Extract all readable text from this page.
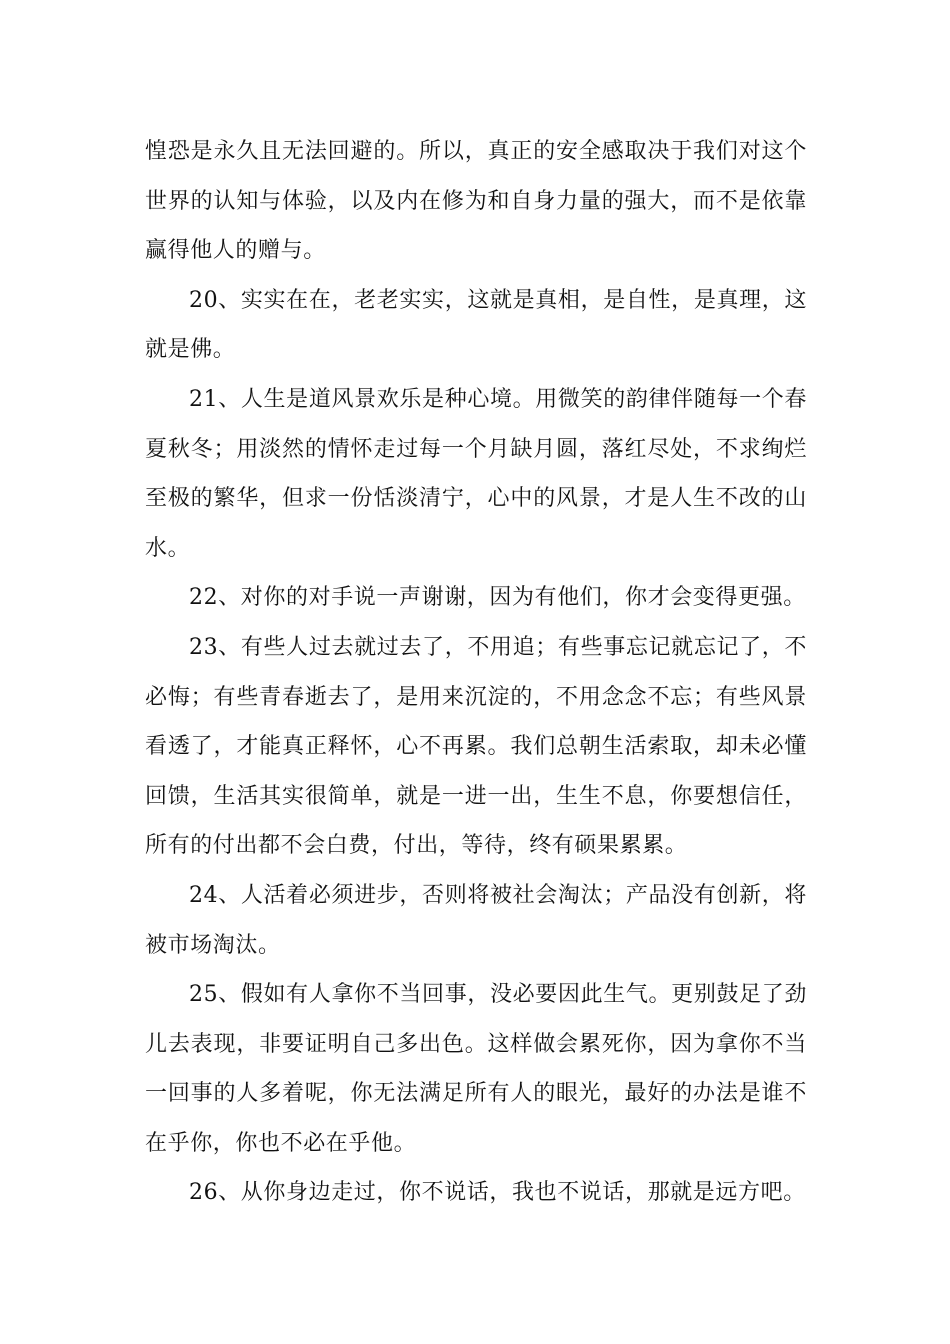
惶恐是永久且无法回避的。所以，真正的安全感取决于我们对这个世界的认知与体验，以及内在修为和自身力量的强大，而不是依靠赢得他人的赠与。

20、实实在在，老老实实，这就是真相，是自性，是真理，这就是佛。

21、人生是道风景欢乐是种心境。用微笑的韵律伴随每一个春夏秋冬；用淡然的情怀走过每一个月缺月圆，落红尽处，不求绚烂至极的繁华，但求一份恬淡清宁，心中的风景，才是人生不改的山水。

22、对你的对手说一声谢谢，因为有他们，你才会变得更强。

23、有些人过去就过去了，不用追；有些事忘记就忘记了，不必悔；有些青春逝去了，是用来沉淀的，不用念念不忘；有些风景看透了，才能真正释怀，心不再累。我们总朝生活索取，却未必懂回馈，生活其实很简单，就是一进一出，生生不息，你要想信任，所有的付出都不会白费，付出，等待，终有硕果累累。

24、人活着必须进步，否则将被社会淘汰；产品没有创新，将被市场淘汰。

25、假如有人拿你不当回事，没必要因此生气。更别鼓足了劲儿去表现，非要证明自己多出色。这样做会累死你，因为拿你不当一回事的人多着呢，你无法满足所有人的眼光，最好的办法是谁不在乎你，你也不必在乎他。

26、从你身边走过，你不说话，我也不说话，那就是远方吧。
